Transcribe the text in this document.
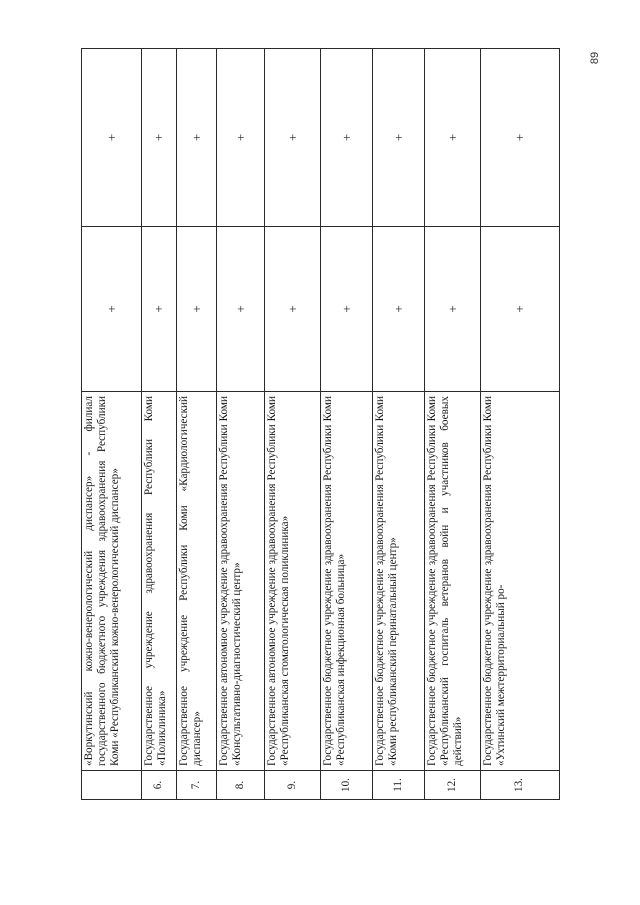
89
	«Воркутинский кожно-венерологический диспансер» - филиал государственного бюджетного учреждения здравоохранения Республики Коми «Республиканский кожно-венерологический диспансер»	+	+
6.	Государственное учреждение здравоохранения Республики Коми «Поликлиника»	+	+
7.	Государственное учреждение Республики Коми «Кардиологический диспансер»	+	+
8.	Государственное автономное учреждение здравоохранения Республики Коми «Консультативно-диагностический центр»	+	+
9.	Государственное автономное учреждение здравоохранения Республики Коми «Республиканская стоматологическая поликлиника»	+	+
10.	Государственное бюджетное учреждение здравоохранения Республики Коми «Республиканская инфекционная больница»	+	+
11.	Государственное бюджетное учреждение здравоохранения Республики Коми «Коми республиканский перинатальный центр»	+	+
12.	Государственное бюджетное учреждение здравоохранения Республики Коми «Республиканский госпиталь ветеранов войн и участников боевых действий»	+	+
13.	Государственное бюджетное учреждение здравоохранения Республики Коми «Ухтинский межтерриториальный ро-	+	+
